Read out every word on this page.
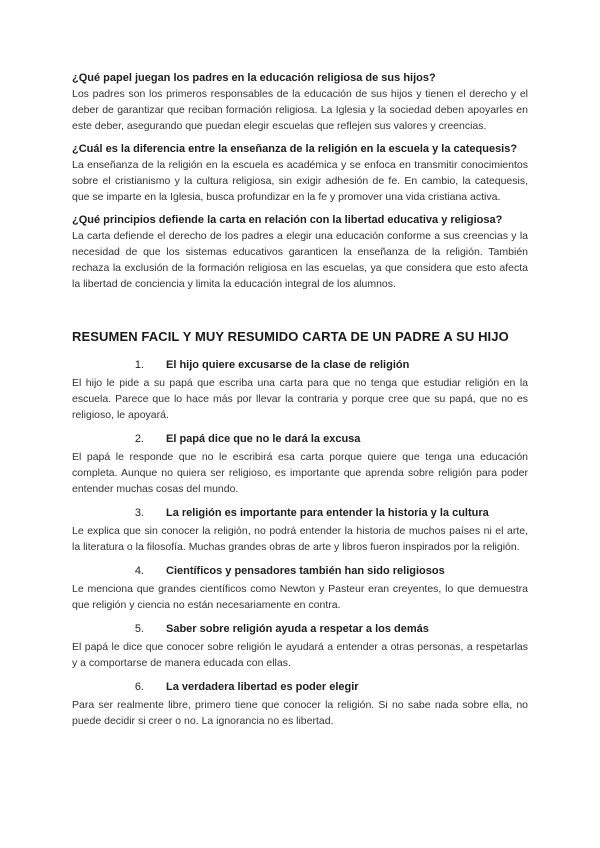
¿Qué papel juegan los padres en la educación religiosa de sus hijos?

Los padres son los primeros responsables de la educación de sus hijos y tienen el derecho y el deber de garantizar que reciban formación religiosa. La Iglesia y la sociedad deben apoyarles en este deber, asegurando que puedan elegir escuelas que reflejen sus valores y creencias.

¿Cuál es la diferencia entre la enseñanza de la religión en la escuela y la catequesis?

La enseñanza de la religión en la escuela es académica y se enfoca en transmitir conocimientos sobre el cristianismo y la cultura religiosa, sin exigir adhesión de fe. En cambio, la catequesis, que se imparte en la Iglesia, busca profundizar en la fe y promover una vida cristiana activa.

¿Qué principios defiende la carta en relación con la libertad educativa y religiosa?

La carta defiende el derecho de los padres a elegir una educación conforme a sus creencias y la necesidad de que los sistemas educativos garanticen la enseñanza de la religión. También rechaza la exclusión de la formación religiosa en las escuelas, ya que considera que esto afecta la libertad de conciencia y limita la educación integral de los alumnos.

RESUMEN FACIL Y MUY RESUMIDO CARTA DE UN PADRE A SU HIJO
1. El hijo quiere excusarse de la clase de religión

El hijo le pide a su papá que escriba una carta para que no tenga que estudiar religión en la escuela. Parece que lo hace más por llevar la contraria y porque cree que su papá, que no es religioso, le apoyará.

2. El papá dice que no le dará la excusa

El papá le responde que no le escribirá esa carta porque quiere que tenga una educación completa. Aunque no quiera ser religioso, es importante que aprenda sobre religión para poder entender muchas cosas del mundo.

3. La religión es importante para entender la historia y la cultura

Le explica que sin conocer la religión, no podrá entender la historia de muchos países ni el arte, la literatura o la filosofía. Muchas grandes obras de arte y libros fueron inspirados por la religión.

4. Científicos y pensadores también han sido religiosos

Le menciona que grandes científicos como Newton y Pasteur eran creyentes, lo que demuestra que religión y ciencia no están necesariamente en contra.

5. Saber sobre religión ayuda a respetar a los demás

El papá le dice que conocer sobre religión le ayudará a entender a otras personas, a respetarlas y a comportarse de manera educada con ellas.

6. La verdadera libertad es poder elegir

Para ser realmente libre, primero tiene que conocer la religión. Si no sabe nada sobre ella, no puede decidir si creer o no. La ignorancia no es libertad.
